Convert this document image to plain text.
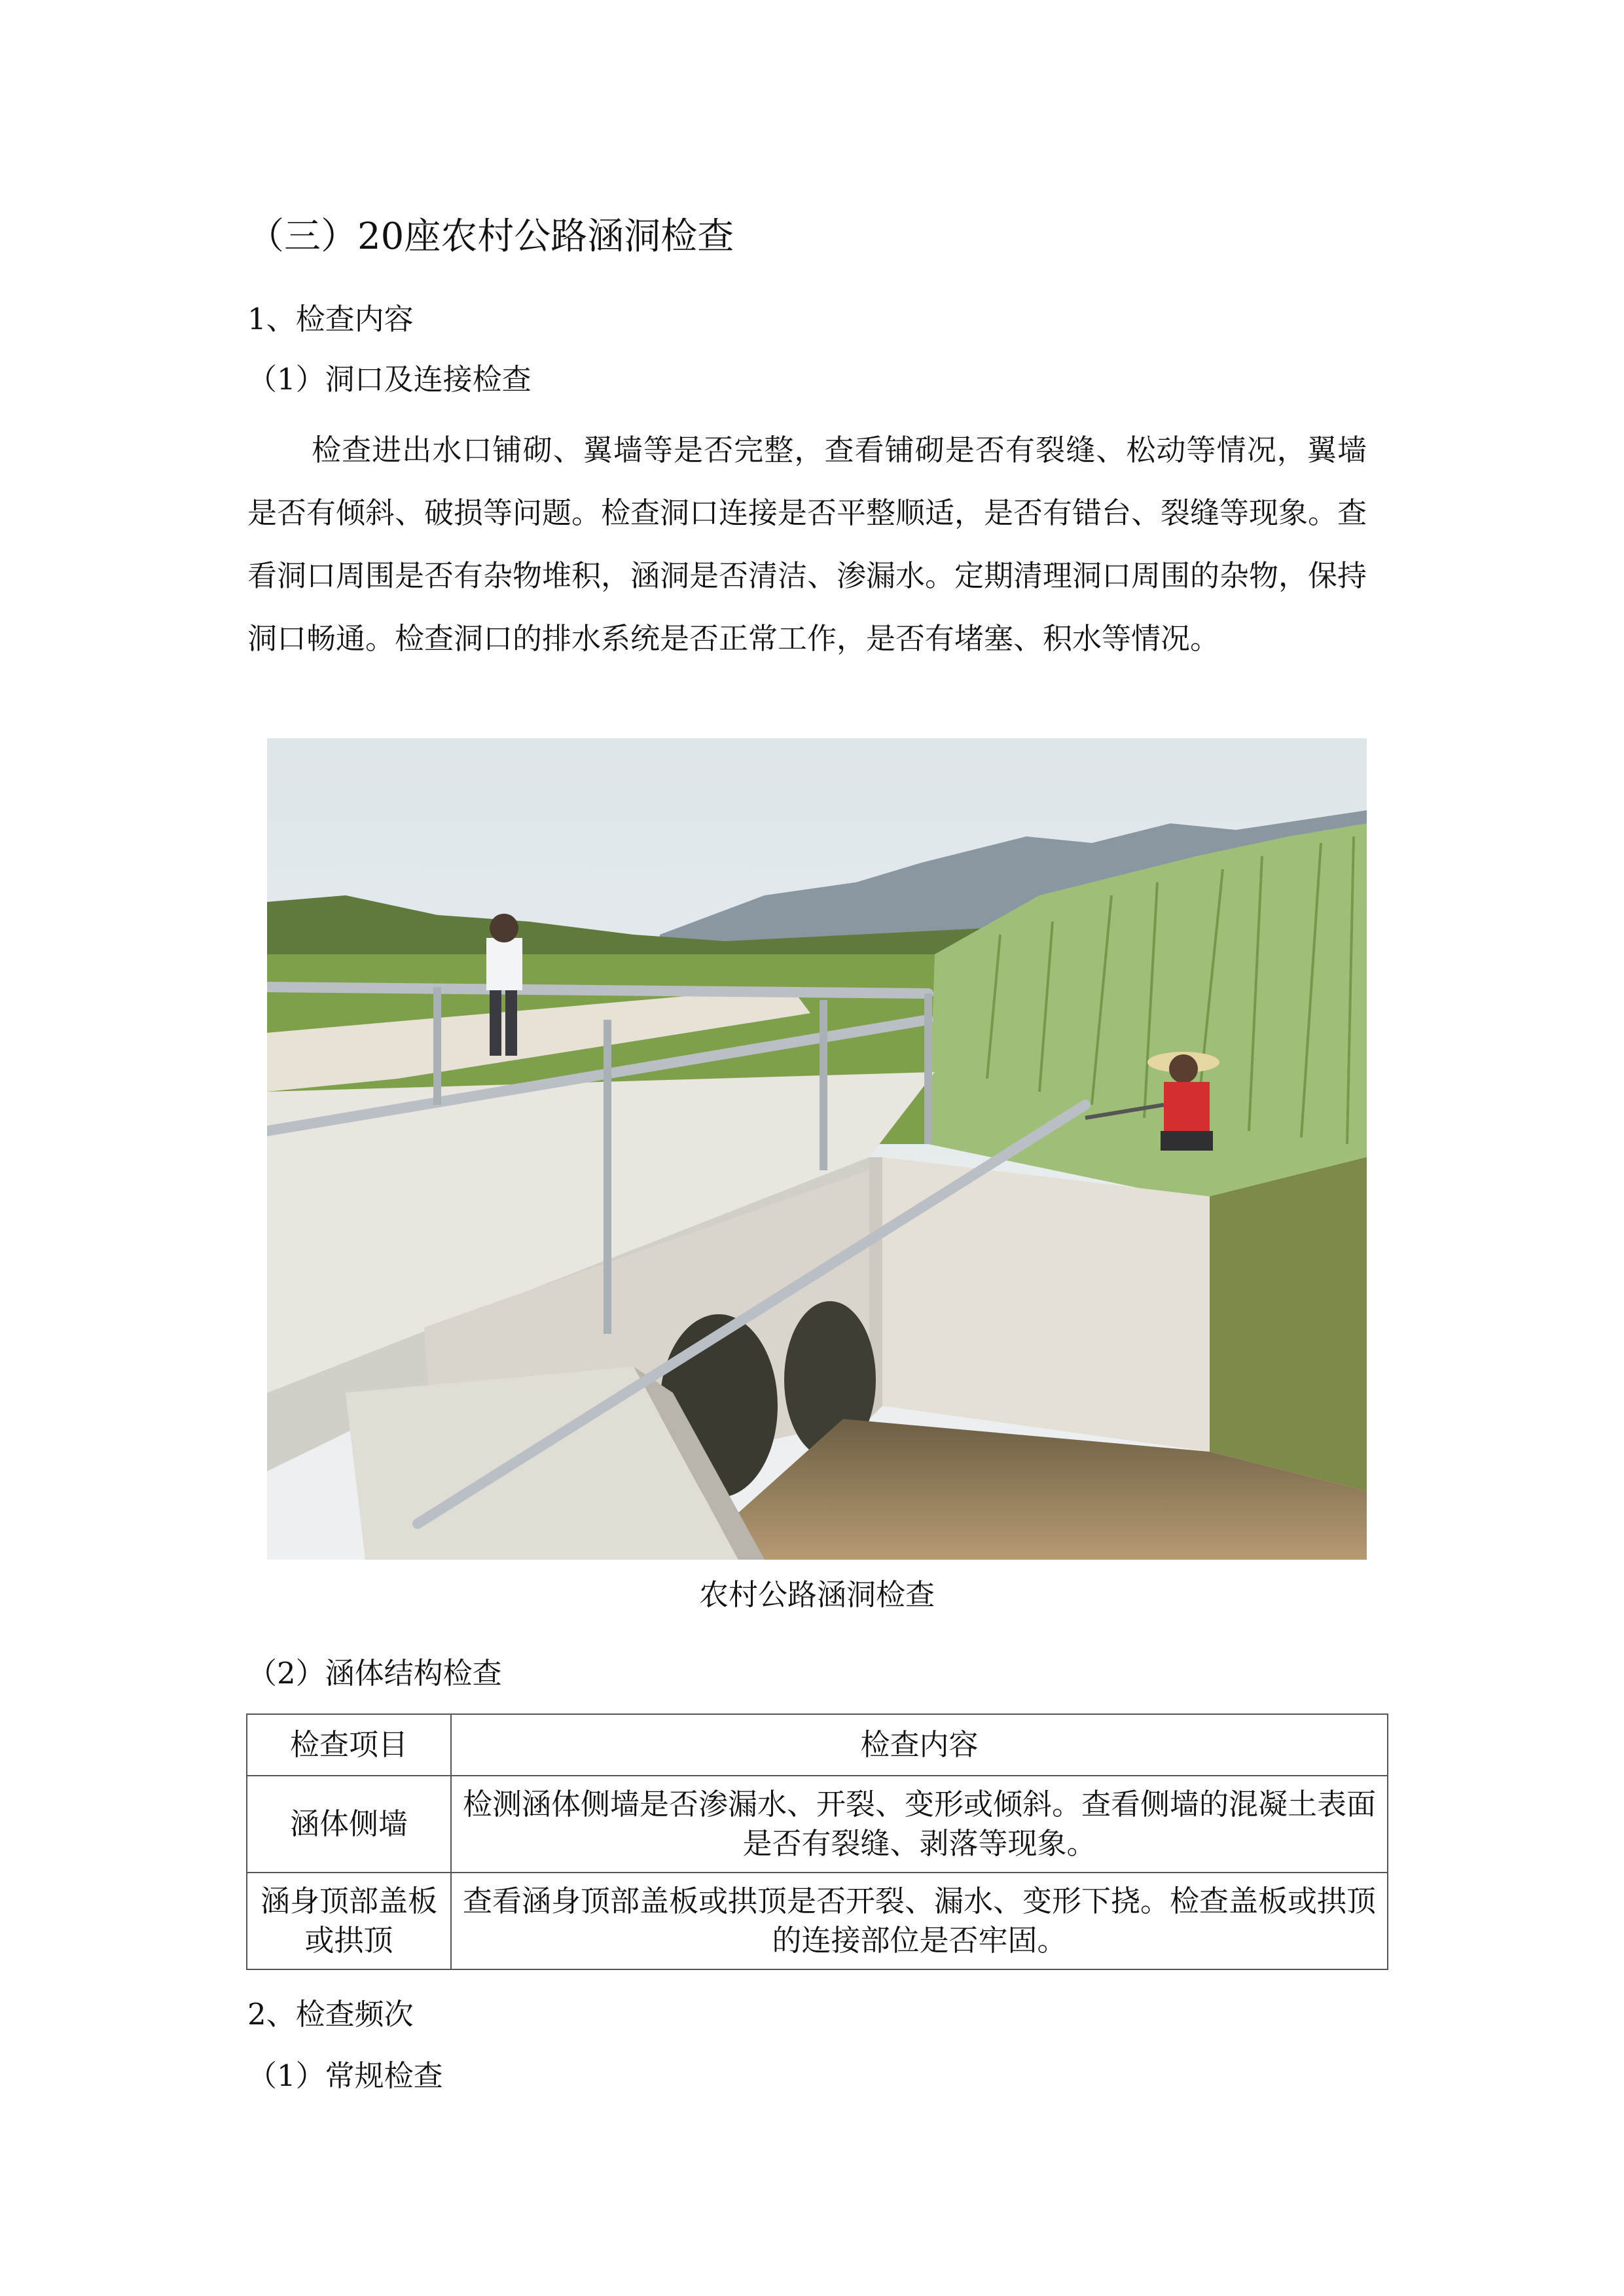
（三）20座农村公路涵洞检查
1、检查内容
（1）洞口及连接检查

检查进出水口铺砌、翼墙等是否完整，查看铺砌是否有裂缝、松动等情况，翼墙是否有倾斜、破损等问题。检查洞口连接是否平整顺适，是否有错台、裂缝等现象。查看洞口周围是否有杂物堆积，涵洞是否清洁、渗漏水。定期清理洞口周围的杂物，保持洞口畅通。检查洞口的排水系统是否正常工作，是否有堵塞、积水等情况。

农村公路涵洞检查
（2）涵体结构检查
检查项目	检查内容
涵体侧墙	检测涵体侧墙是否渗漏水、开裂、变形或倾斜。查看侧墙的混凝土表面是否有裂缝、剥落等现象。
涵身顶部盖板或拱顶	查看涵身顶部盖板或拱顶是否开裂、漏水、变形下挠。检查盖板或拱顶的连接部位是否牢固。
2、检查频次
（1）常规检查
